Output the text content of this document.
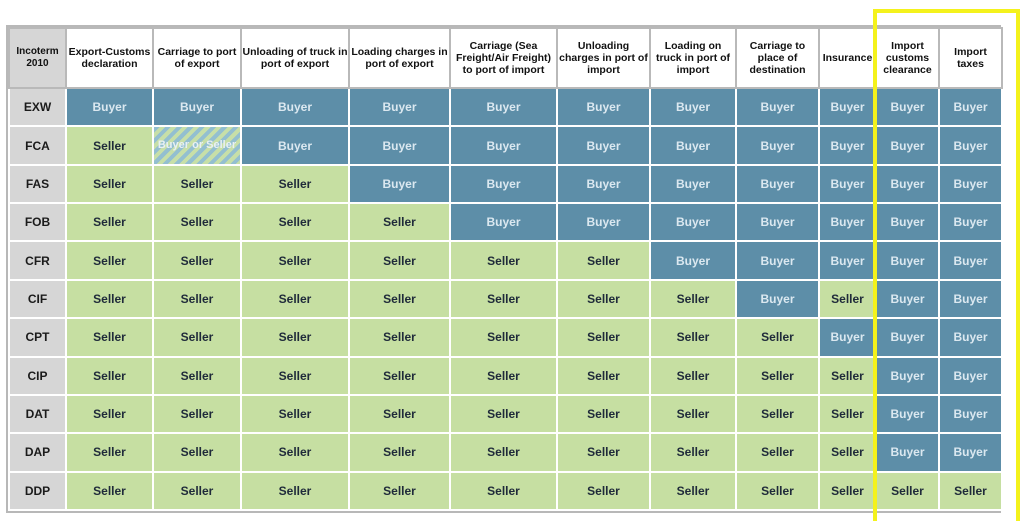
Incoterm 2010	Export-Customs declaration	Carriage to port of export	Unloading of truck in port of export	Loading charges in port of export	Carriage (Sea Freight/Air Freight) to port of import	Unloading charges in port of import	Loading on truck in port of import	Carriage to place of destination	Insurance	Import customs clearance	Import taxes
EXW	Buyer	Buyer	Buyer	Buyer	Buyer	Buyer	Buyer	Buyer	Buyer	Buyer	Buyer
FCA	Seller	Buyer or Seller	Buyer	Buyer	Buyer	Buyer	Buyer	Buyer	Buyer	Buyer	Buyer
FAS	Seller	Seller	Seller	Buyer	Buyer	Buyer	Buyer	Buyer	Buyer	Buyer	Buyer
FOB	Seller	Seller	Seller	Seller	Buyer	Buyer	Buyer	Buyer	Buyer	Buyer	Buyer
CFR	Seller	Seller	Seller	Seller	Seller	Seller	Buyer	Buyer	Buyer	Buyer	Buyer
CIF	Seller	Seller	Seller	Seller	Seller	Seller	Seller	Buyer	Seller	Buyer	Buyer
CPT	Seller	Seller	Seller	Seller	Seller	Seller	Seller	Seller	Buyer	Buyer	Buyer
CIP	Seller	Seller	Seller	Seller	Seller	Seller	Seller	Seller	Seller	Buyer	Buyer
DAT	Seller	Seller	Seller	Seller	Seller	Seller	Seller	Seller	Seller	Buyer	Buyer
DAP	Seller	Seller	Seller	Seller	Seller	Seller	Seller	Seller	Seller	Buyer	Buyer
DDP	Seller	Seller	Seller	Seller	Seller	Seller	Seller	Seller	Seller	Seller	Seller
